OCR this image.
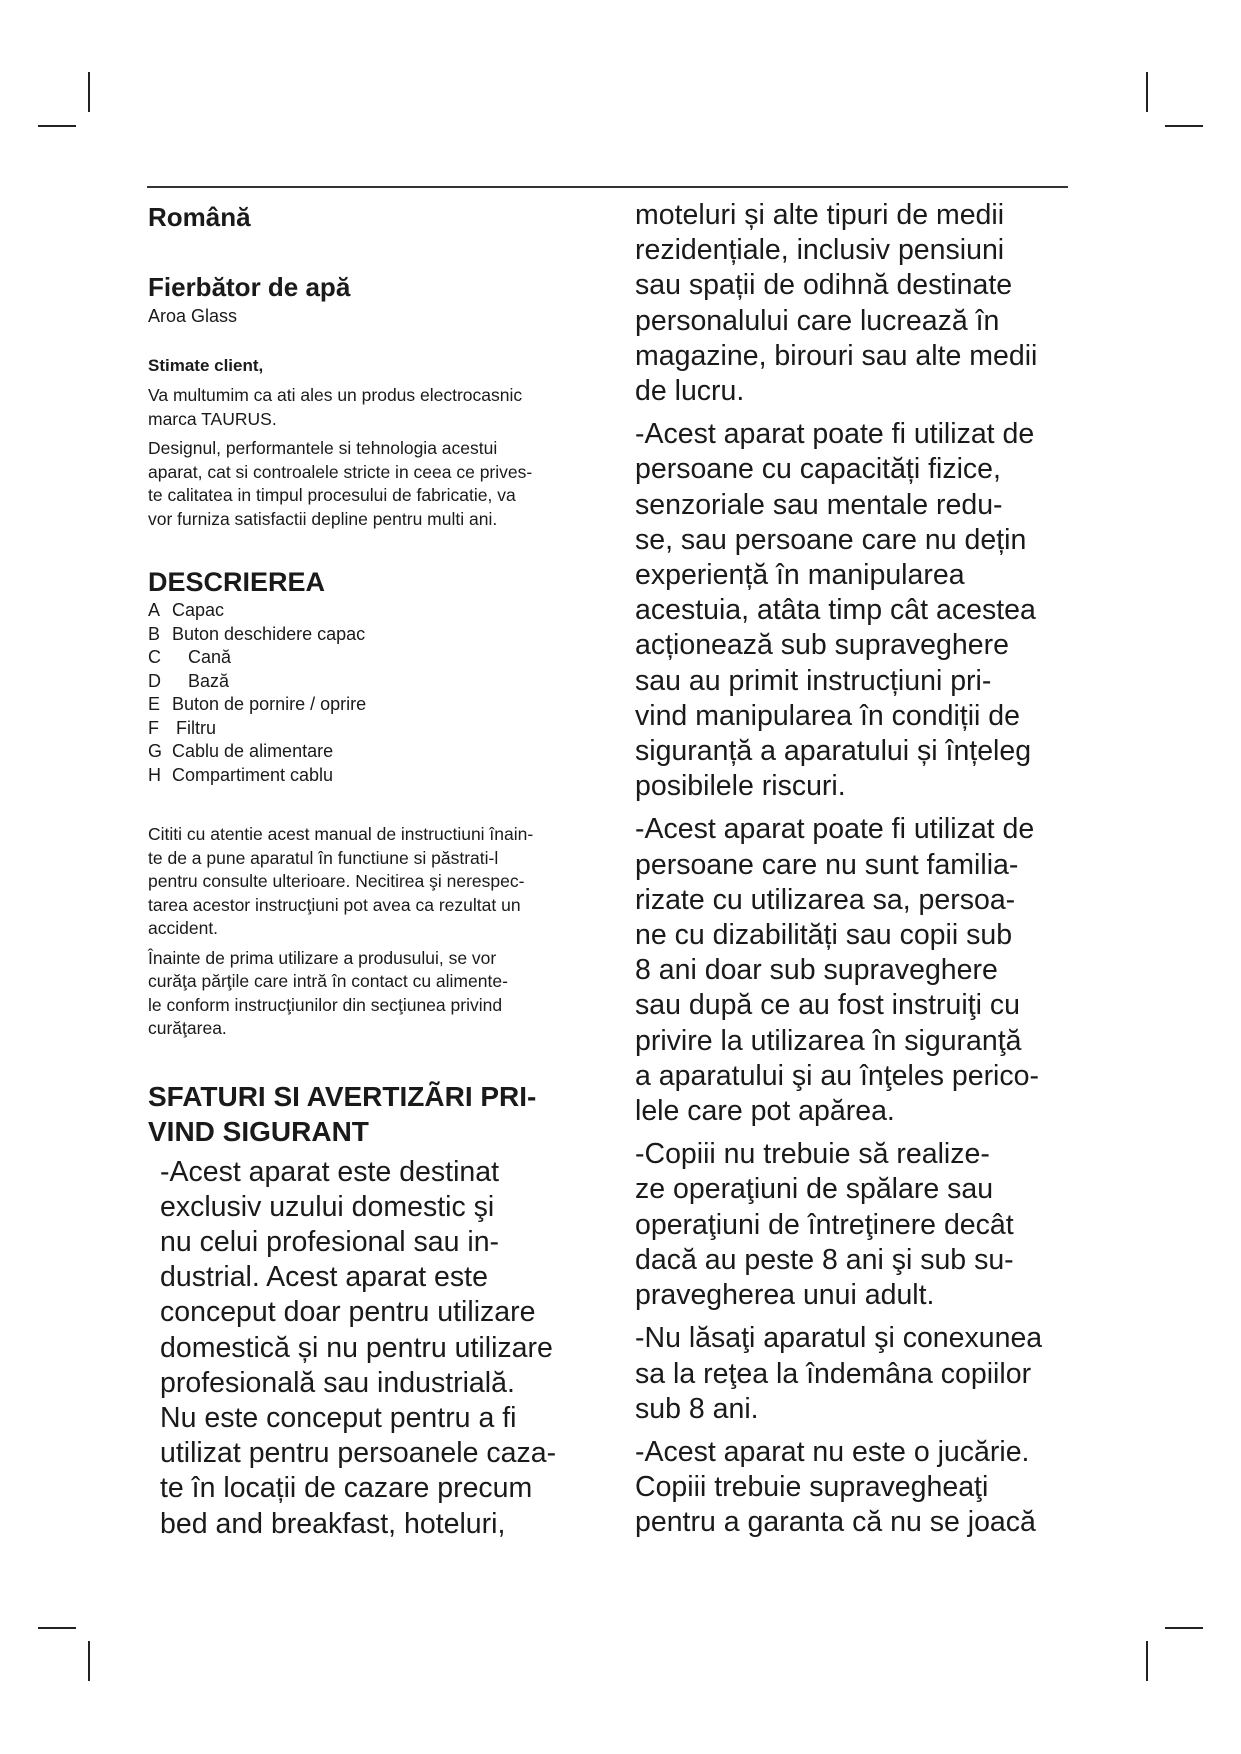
Română
Fierbător de apă

Aroa Glass

Stimate client,

Va multumim ca ati ales un produs electrocasnic
marca TAURUS.

Designul, performantele si tehnologia acestui
aparat, cat si controalele stricte in ceea ce prives-
te calitatea in timpul procesului de fabricatie, va
vor furniza satisfactii depline pentru multi ani.

DESCRIEREA
A Capac
B Buton deschidere capac
C Cană
D Bază
E Buton de pornire / oprire
F Filtru
G Cablu de alimentare
H Compartiment cablu

Cititi cu atentie acest manual de instructiuni înain-
te de a pune aparatul în functiune si păstrati-l
pentru consulte ulterioare. Necitirea şi nerespec-
tarea acestor instrucţiuni pot avea ca rezultat un
accident.

Înainte de prima utilizare a produsului, se vor
curăţa părţile care intră în contact cu alimente-
le conform instrucţiunilor din secţiunea privind
curăţarea.

SFATURI SI AVERTIZÃRI PRI-
VIND SIGURANT

-Acest aparat este destinat
exclusiv uzului domestic şi
nu celui profesional sau in-
dustrial. Acest aparat este
conceput doar pentru utilizare
domestică și nu pentru utilizare
profesională sau industrială.
Nu este conceput pentru a fi
utilizat pentru persoanele caza-
te în locații de cazare precum
bed and breakfast, hoteluri,

moteluri și alte tipuri de medii
rezidențiale, inclusiv pensiuni
sau spații de odihnă destinate
personalului care lucrează în
magazine, birouri sau alte medii
de lucru.

-Acest aparat poate fi utilizat de
persoane cu capacități fizice,
senzoriale sau mentale redu-
se, sau persoane care nu dețin
experiență în manipularea
acestuia, atâta timp cât acestea
acționează sub supraveghere
sau au primit instrucțiuni pri-
vind manipularea în condiții de
siguranță a aparatului și înțeleg
posibilele riscuri.

-Acest aparat poate fi utilizat de
persoane care nu sunt familia-
rizate cu utilizarea sa, persoa-
ne cu dizabilități sau copii sub
8 ani doar sub supraveghere
sau după ce au fost instruiţi cu
privire la utilizarea în siguranţă
a aparatului şi au înţeles perico-
lele care pot apărea.

-Copiii nu trebuie să realize-
ze operaţiuni de spălare sau
operaţiuni de întreţinere decât
dacă au peste 8 ani şi sub su-
pravegherea unui adult.

-Nu lăsaţi aparatul şi conexunea
sa la reţea la îndemâna copiilor
sub 8 ani.

-Acest aparat nu este o jucărie.
Copiii trebuie supravegheaţi
pentru a garanta că nu se joacă
